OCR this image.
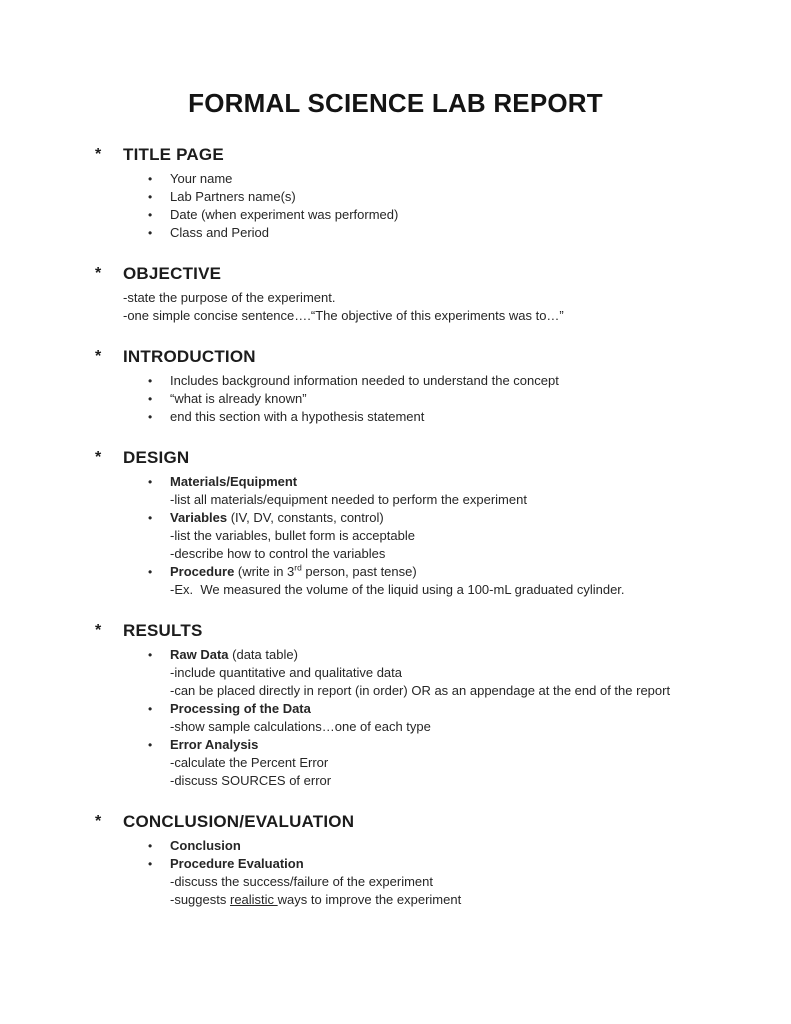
FORMAL SCIENCE LAB REPORT
*	TITLE PAGE
•	Your name
•	Lab Partners name(s)
•	Date (when experiment was performed)
•	Class and Period
*	OBJECTIVE
-state the purpose of the experiment.
-one simple concise sentence….“The objective of this experiments was to…”
*	INTRODUCTION
•	Includes background information needed to understand the concept
•	“what is already known”
•	end this section with a hypothesis statement
*	DESIGN
•	Materials/Equipment
-list all materials/equipment needed to perform the experiment
•	Variables (IV, DV, constants, control)
-list the variables, bullet form is acceptable
-describe how to control the variables
•	Procedure (write in 3rd person, past tense)
-Ex.  We measured the volume of the liquid using a 100-mL graduated cylinder.
*	RESULTS
•	Raw Data (data table)
-include quantitative and qualitative data
-can be placed directly in report (in order) OR as an appendage at the end of the report
•	Processing of the Data
-show sample calculations…one of each type
•	Error Analysis
-calculate the Percent Error
-discuss SOURCES of error
*	CONCLUSION/EVALUATION
•	Conclusion
•	Procedure Evaluation
-discuss the success/failure of the experiment
-suggests realistic ways to improve the experiment
